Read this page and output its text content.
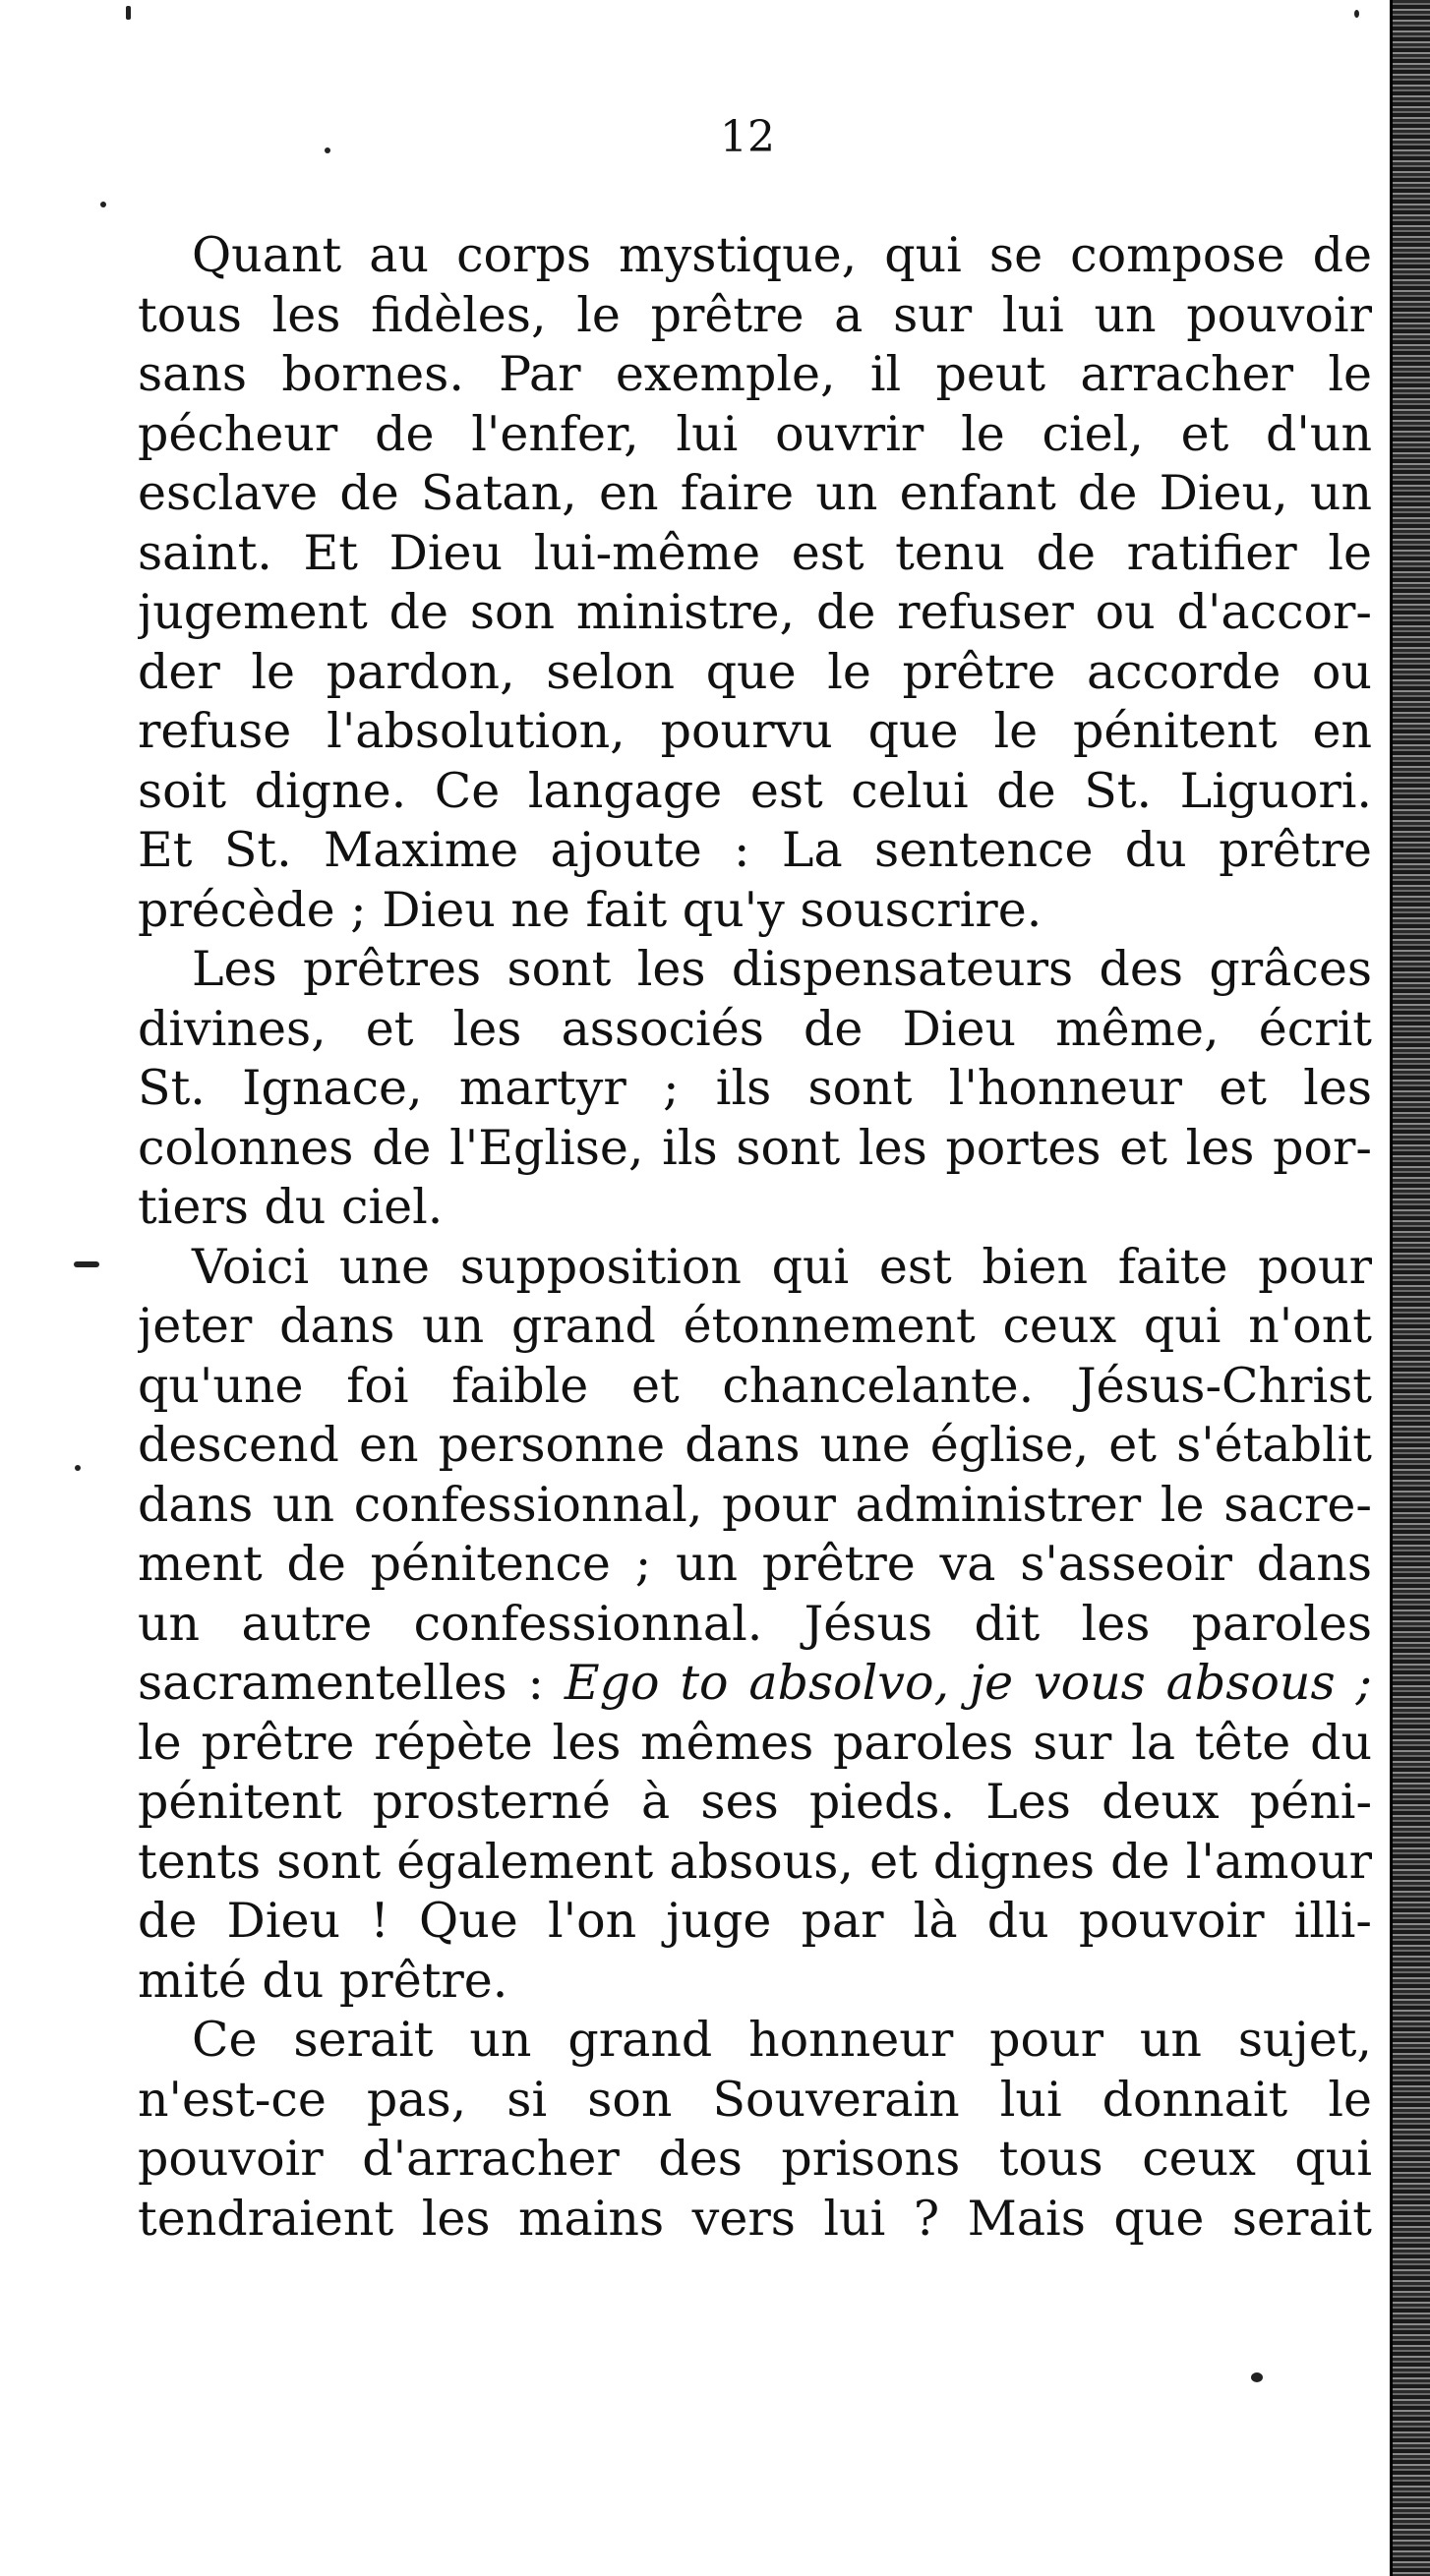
12
Quant au corps mystique, qui se compose de
tous les fidèles, le prêtre a sur lui un pouvoir
sans bornes. Par exemple, il peut arracher le
pécheur de l'enfer, lui ouvrir le ciel, et d'un
esclave de Satan, en faire un enfant de Dieu, un
saint. Et Dieu lui-même est tenu de ratifier le
jugement de son ministre, de refuser ou d'accor-
der le pardon, selon que le prêtre accorde ou
refuse l'absolution, pourvu que le pénitent en
soit digne. Ce langage est celui de St. Liguori.
Et St. Maxime ajoute : La sentence du prêtre
précède ; Dieu ne fait qu'y souscrire.
Les prêtres sont les dispensateurs des grâces
divines, et les associés de Dieu même, écrit
St. Ignace, martyr ; ils sont l'honneur et les
colonnes de l'Eglise, ils sont les portes et les por-
tiers du ciel.
Voici une supposition qui est bien faite pour
jeter dans un grand étonnement ceux qui n'ont
qu'une foi faible et chancelante. Jésus-Christ
descend en personne dans une église, et s'établit
dans un confessionnal, pour administrer le sacre-
ment de pénitence ; un prêtre va s'asseoir dans
un autre confessionnal. Jésus dit les paroles
sacramentelles : Ego to absolvo, je vous absous ;
le prêtre répète les mêmes paroles sur la tête du
pénitent prosterné à ses pieds. Les deux péni-
tents sont également absous, et dignes de l'amour
de Dieu ! Que l'on juge par là du pouvoir illi-
mité du prêtre.
Ce serait un grand honneur pour un sujet,
n'est-ce pas, si son Souverain lui donnait le
pouvoir d'arracher des prisons tous ceux qui
tendraient les mains vers lui ? Mais que serait
